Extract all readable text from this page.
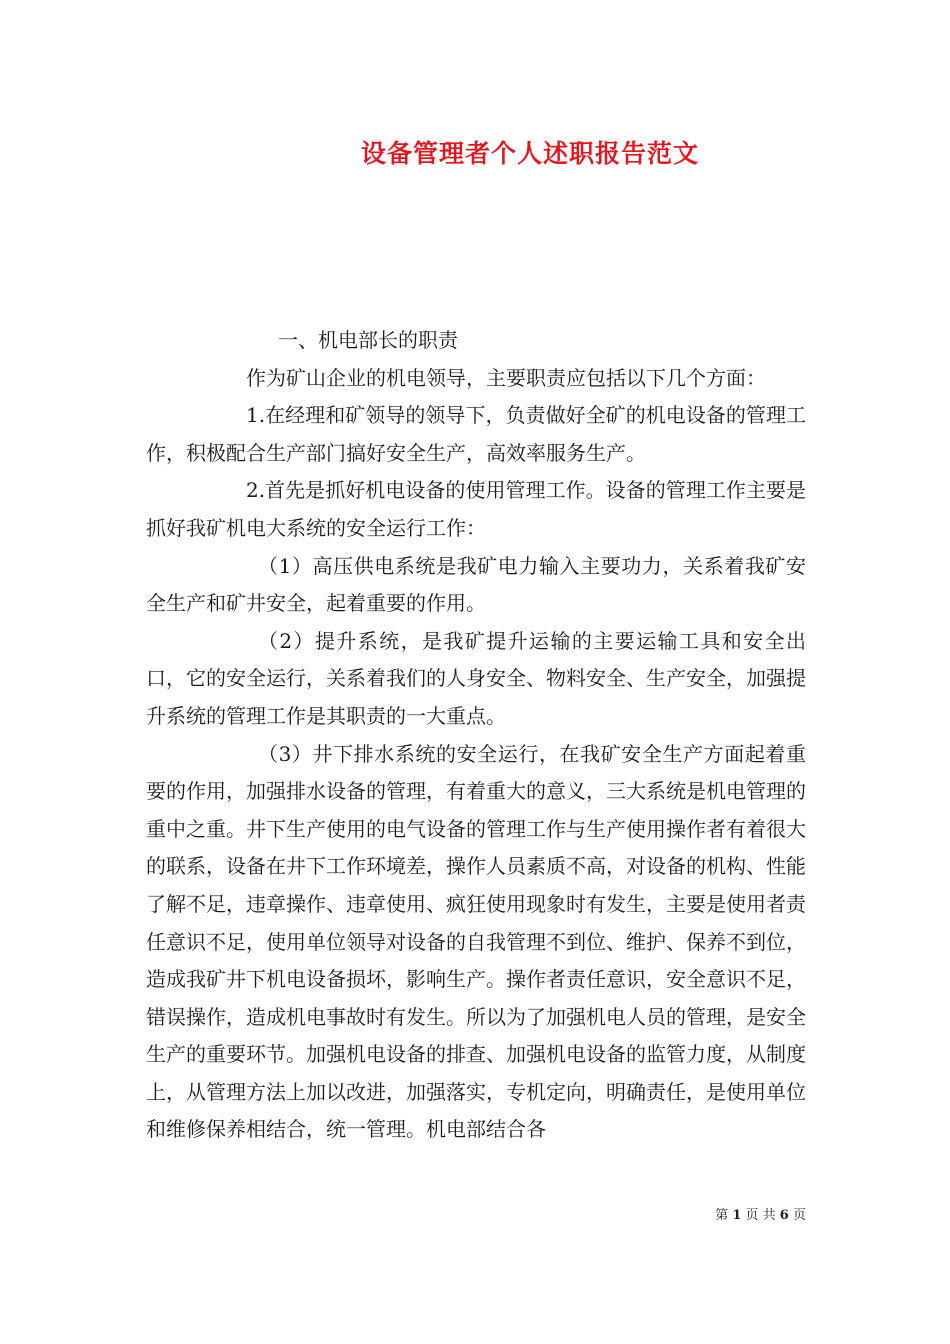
设备管理者个人述职报告范文

一、机电部长的职责

作为矿山企业的机电领导，主要职责应包括以下几个方面：

1.在经理和矿领导的领导下，负责做好全矿的机电设备的管理工作，积极配合生产部门搞好安全生产，高效率服务生产。

2.首先是抓好机电设备的使用管理工作。设备的管理工作主要是抓好我矿机电大系统的安全运行工作：

（1）高压供电系统是我矿电力输入主要功力，关系着我矿安全生产和矿井安全，起着重要的作用。

（2）提升系统，是我矿提升运输的主要运输工具和安全出口，它的安全运行，关系着我们的人身安全、物料安全、生产安全，加强提升系统的管理工作是其职责的一大重点。

（3）井下排水系统的安全运行，在我矿安全生产方面起着重要的作用，加强排水设备的管理，有着重大的意义，三大系统是机电管理的重中之重。井下生产使用的电气设备的管理工作与生产使用操作者有着很大的联系，设备在井下工作环境差，操作人员素质不高，对设备的机构、性能了解不足，违章操作、违章使用、疯狂使用现象时有发生，主要是使用者责任意识不足，使用单位领导对设备的自我管理不到位、维护、保养不到位，造成我矿井下机电设备损坏，影响生产。操作者责任意识，安全意识不足，错误操作，造成机电事故时有发生。所以为了加强机电人员的管理，是安全生产的重要环节。加强机电设备的排查、加强机电设备的监管力度，从制度上，从管理方法上加以改进，加强落实，专机定向，明确责任，是使用单位和维修保养相结合，统一管理。机电部结合各

第 1 页 共 6 页
